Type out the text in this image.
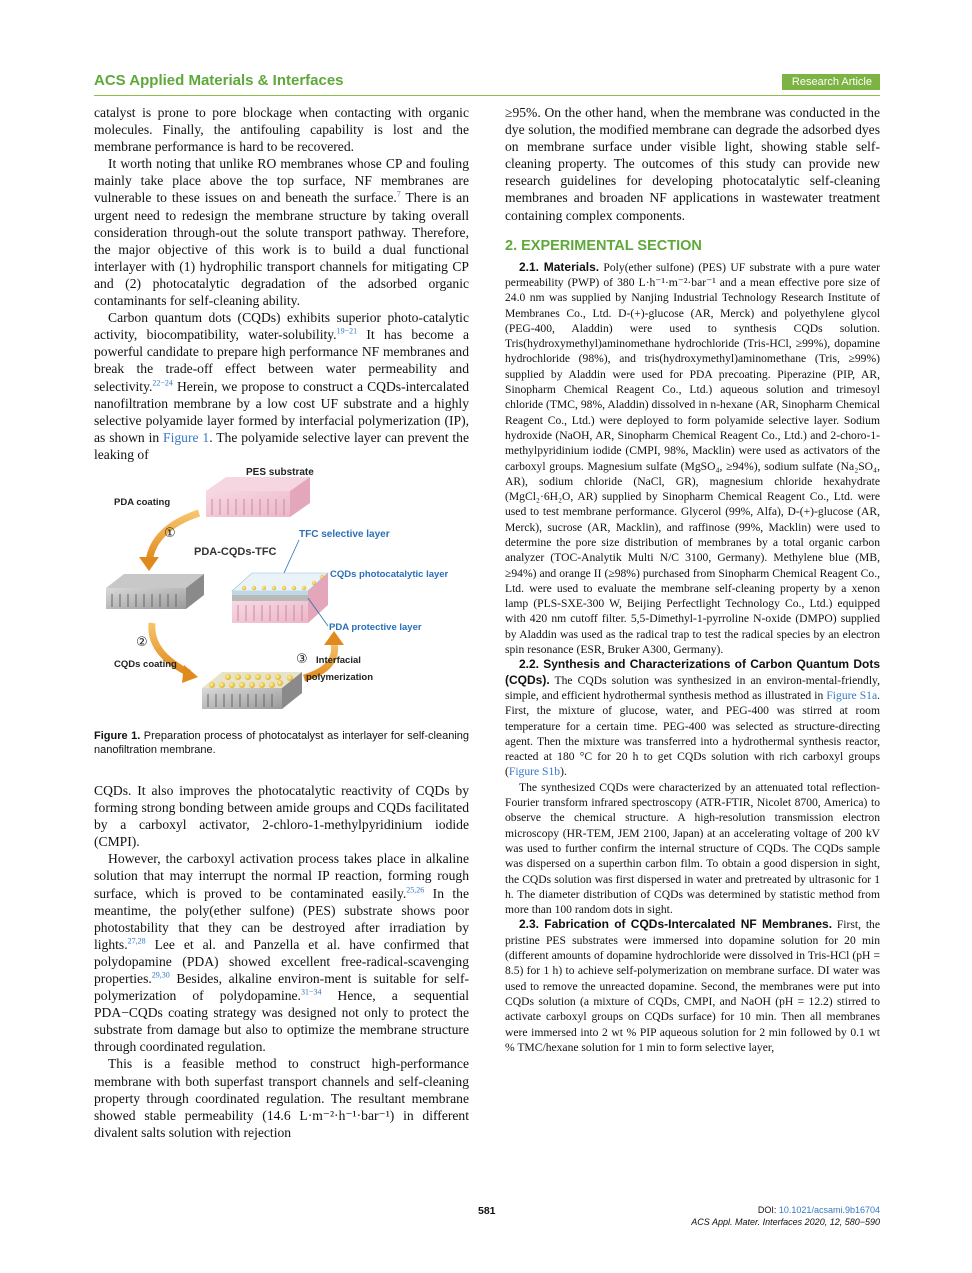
ACS Applied Materials & Interfaces	Research Article

catalyst is prone to pore blockage when contacting with organic molecules. Finally, the antifouling capability is lost and the membrane performance is hard to be recovered.

It worth noting that unlike RO membranes whose CP and fouling mainly take place above the top surface, NF membranes are vulnerable to these issues on and beneath the surface.$^7$ There is an urgent need to redesign the membrane structure by taking overall consideration through-out the solute transport pathway. Therefore, the major objective of this work is to build a dual functional interlayer with (1) hydrophilic transport channels for mitigating CP and (2) photocatalytic degradation of the adsorbed organic contaminants for self-cleaning ability.

Carbon quantum dots (CQDs) exhibits superior photo-catalytic activity, biocompatibility, water-solubility.$^{19-21}$ It has become a powerful candidate to prepare high performance NF membranes and break the trade-off effect between water permeability and selectivity.$^{22-24}$ Herein, we propose to construct a CQDs-intercalated nanofiltration membrane by a low cost UF substrate and a highly selective polyamide layer formed by interfacial polymerization (IP), as shown in Figure 1. The polyamide selective layer can prevent the leaking of

PES substrate
PDA coating
①
PDA-CQDs-TFC
TFC selective layer
CQDs photocatalytic layer
PDA protective layer
②
CQDs coating	③ Interfacial
polymerization
Figure 1. Preparation process of photocatalyst as interlayer for self-cleaning nanofiltration membrane.

CQDs. It also improves the photocatalytic reactivity of CQDs by forming strong bonding between amide groups and CQDs facilitated by a carboxyl activator, 2-chloro-1-methylpyridinium iodide (CMPI).

However, the carboxyl activation process takes place in alkaline solution that may interrupt the normal IP reaction, forming rough surface, which is proved to be contaminated easily.$^{25,26}$ In the meantime, the poly(ether sulfone) (PES) substrate shows poor photostability that they can be destroyed after irradiation by lights.$^{27,28}$ Lee et al. and Panzella et al. have confirmed that polydopamine (PDA) showed excellent free-radical-scavenging properties.$^{29,30}$ Besides, alkaline environ-ment is suitable for self-polymerization of polydopamine.$^{31-34}$ Hence, a sequential PDA−CQDs coating strategy was designed not only to protect the substrate from damage but also to optimize the membrane structure through coordinated regulation.

This is a feasible method to construct high-performance membrane with both superfast transport channels and self-cleaning property through coordinated regulation. The resultant membrane showed stable permeability (14.6 L·m⁻²·h⁻¹·bar⁻¹) in different divalent salts solution with rejection

≥95%. On the other hand, when the membrane was conducted in the dye solution, the modified membrane can degrade the adsorbed dyes on membrane surface under visible light, showing stable self-cleaning property. The outcomes of this study can provide new research guidelines for developing photocatalytic self-cleaning membranes and broaden NF applications in wastewater treatment containing complex components.

2. EXPERIMENTAL SECTION

2.1. Materials. Poly(ether sulfone) (PES) UF substrate with a pure water permeability (PWP) of 380 L·h⁻¹·m⁻²·bar⁻¹ and a mean effective pore size of 24.0 nm was supplied by Nanjing Industrial Technology Research Institute of Membranes Co., Ltd. D-(+)-glucose (AR, Merck) and polyethylene glycol (PEG-400, Aladdin) were used to synthesis CQDs solution. Tris(hydroxymethyl)aminomethane hydrochloride (Tris-HCl, ≥99%), dopamine hydrochloride (98%), and tris(hydroxymethyl)aminomethane (Tris, ≥99%) supplied by Aladdin were used for PDA precoating. Piperazine (PIP, AR, Sinopharm Chemical Reagent Co., Ltd.) aqueous solution and trimesoyl chloride (TMC, 98%, Aladdin) dissolved in n-hexane (AR, Sinopharm Chemical Reagent Co., Ltd.) were deployed to form polyamide selective layer. Sodium hydroxide (NaOH, AR, Sinopharm Chemical Reagent Co., Ltd.) and 2-choro-1-methylpyridinium iodide (CMPI, 98%, Macklin) were used as activators of the carboxyl groups. Magnesium sulfate (MgSO₄, ≥94%), sodium sulfate (Na₂SO₄, AR), sodium chloride (NaCl, GR), magnesium chloride hexahydrate (MgCl₂·6H₂O, AR) supplied by Sinopharm Chemical Reagent Co., Ltd. were used to test membrane performance. Glycerol (99%, Alfa), D-(+)-glucose (AR, Merck), sucrose (AR, Macklin), and raffinose (99%, Macklin) were used to determine the pore size distribution of membranes by a total organic carbon analyzer (TOC-Analytik Multi N/C 3100, Germany). Methylene blue (MB, ≥94%) and orange II (≥98%) purchased from Sinopharm Chemical Reagent Co., Ltd. were used to evaluate the membrane self-cleaning property by a xenon lamp (PLS-SXE-300 W, Beijing Perfectlight Technology Co., Ltd.) equipped with 420 nm cutoff filter. 5,5-Dimethyl-1-pyrroline N-oxide (DMPO) supplied by Aladdin was used as the radical trap to test the radical species by an electron spin resonance (ESR, Bruker A300, Germany).

2.2. Synthesis and Characterizations of Carbon Quantum Dots (CQDs). The CQDs solution was synthesized in an environ-mental-friendly, simple, and efficient hydrothermal synthesis method as illustrated in Figure S1a. First, the mixture of glucose, water, and PEG-400 was stirred at room temperature for a certain time. PEG-400 was selected as structure-directing agent. Then the mixture was transferred into a hydrothermal synthesis reactor, reacted at 180 °C for 20 h to get CQDs solution with rich carboxyl groups (Figure S1b).

The synthesized CQDs were characterized by an attenuated total reflection-Fourier transform infrared spectroscopy (ATR-FTIR, Nicolet 8700, America) to observe the chemical structure. A high-resolution transmission electron microscopy (HR-TEM, JEM 2100, Japan) at an accelerating voltage of 200 kV was used to further confirm the internal structure of CQDs. The CQDs sample was dispersed on a superthin carbon film. To obtain a good dispersion in sight, the CQDs solution was first dispersed in water and pretreated by ultrasonic for 1 h. The diameter distribution of CQDs was determined by statistic method from more than 100 random dots in sight.

2.3. Fabrication of CQDs-Intercalated NF Membranes. First, the pristine PES substrates were immersed into dopamine solution for 20 min (different amounts of dopamine hydrochloride were dissolved in Tris-HCl (pH = 8.5) for 1 h) to achieve self-polymerization on membrane surface. DI water was used to remove the unreacted dopamine. Second, the membranes were put into CQDs solution (a mixture of CQDs, CMPI, and NaOH (pH = 12.2) stirred to activate carboxyl groups on CQDs surface) for 10 min. Then all membranes were immersed into 2 wt % PIP aqueous solution for 2 min followed by 0.1 wt % TMC/hexane solution for 1 min to form selective layer,

581	DOI: 10.1021/acsami.9b16704
ACS Appl. Mater. Interfaces 2020, 12, 580−590
